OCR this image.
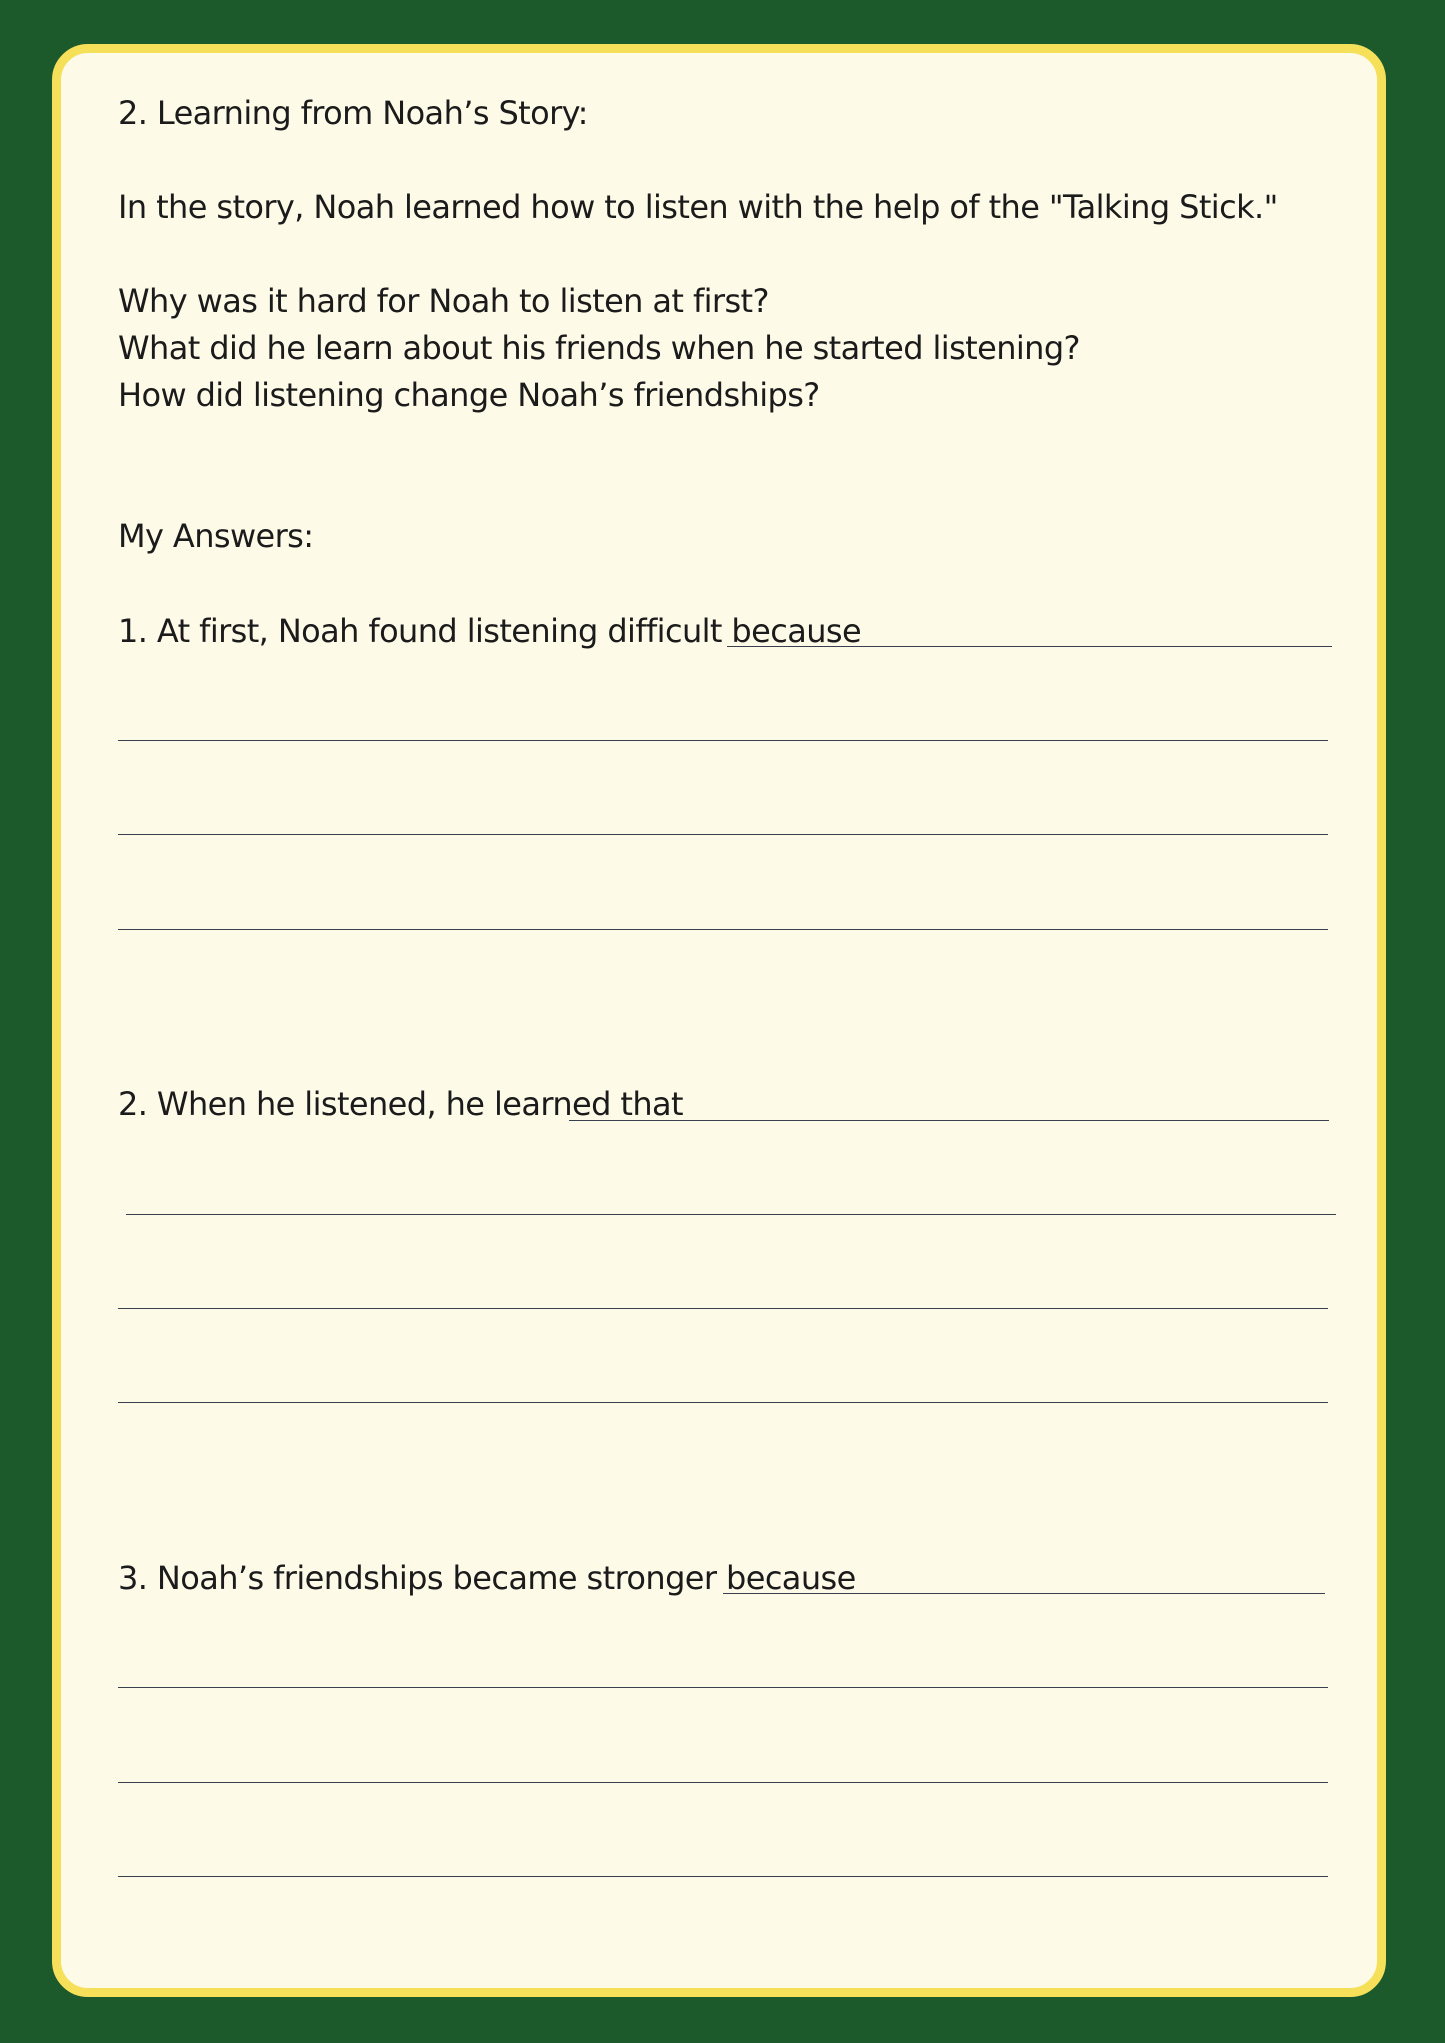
2. Learning from Noah’s Story:

In the story, Noah learned how to listen with the help of the "Talking Stick."

Why was it hard for Noah to listen at first?

What did he learn about his friends when he started listening?

How did listening change Noah’s friendships?

My Answers:

1. At first, Noah found listening difficult because

2. When he listened, he learned that

3. Noah’s friendships became stronger because
